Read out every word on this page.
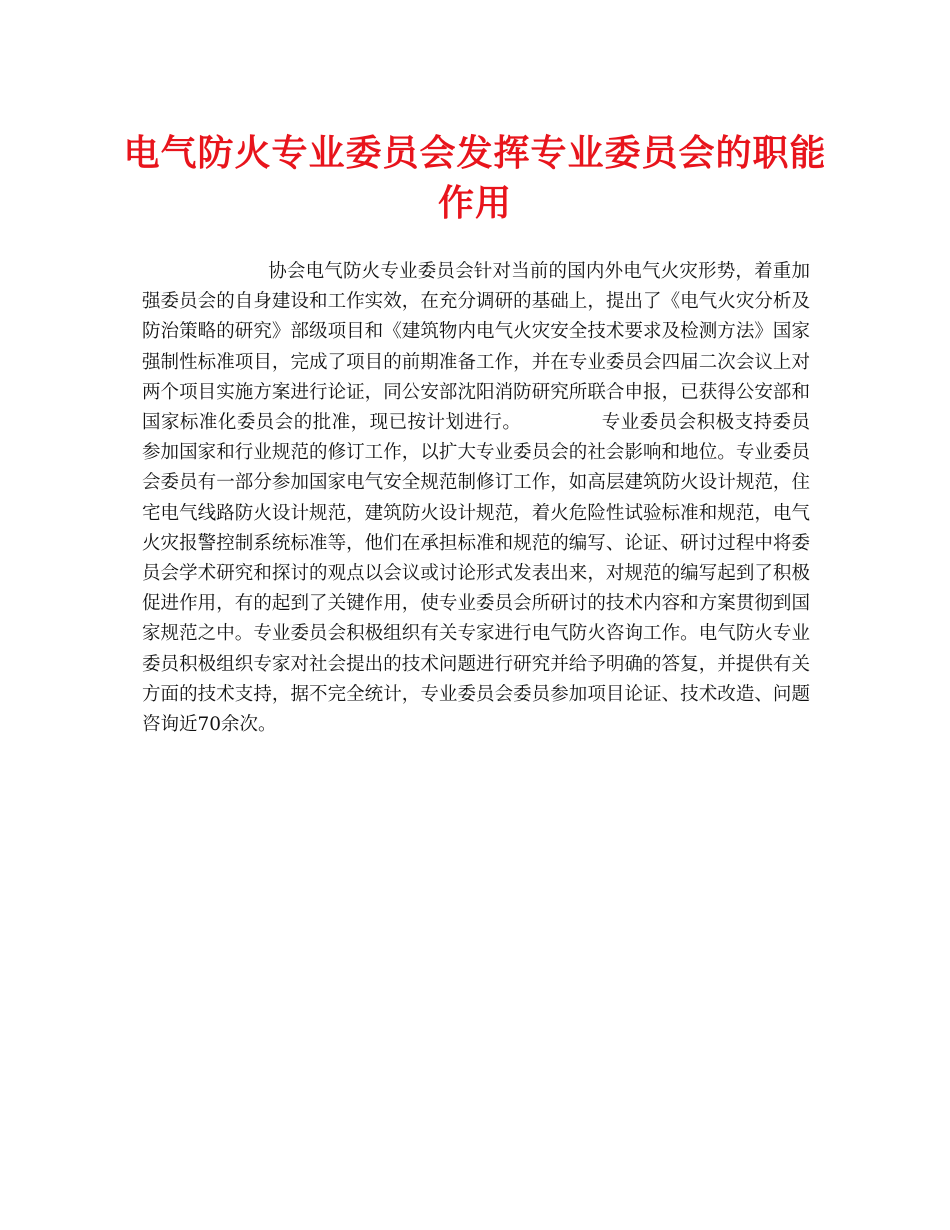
电气防火专业委员会发挥专业委员会的职能
作用
协会电气防火专业委员会针对当前的国内外电气火灾形势，着重加强委员会的自身建设和工作实效，在充分调研的基础上，提出了《电气火灾分析及防治策略的研究》部级项目和《建筑物内电气火灾安全技术要求及检测方法》国家强制性标准项目，完成了项目的前期准备工作，并在专业委员会四届二次会议上对两个项目实施方案进行论证，同公安部沈阳消防研究所联合申报，已获得公安部和国家标准化委员会的批准，现已按计划进行。	专业委员会积极支持委员参加国家和行业规范的修订工作，以扩大专业委员会的社会影响和地位。专业委员会委员有一部分参加国家电气安全规范制修订工作，如高层建筑防火设计规范，住宅电气线路防火设计规范，建筑防火设计规范，着火危险性试验标准和规范，电气火灾报警控制系统标准等，他们在承担标准和规范的编写、论证、研讨过程中将委员会学术研究和探讨的观点以会议或讨论形式发表出来，对规范的编写起到了积极促进作用，有的起到了关键作用，使专业委员会所研讨的技术内容和方案贯彻到国家规范之中。专业委员会积极组织有关专家进行电气防火咨询工作。电气防火专业委员积极组织专家对社会提出的技术问题进行研究并给予明确的答复，并提供有关方面的技术支持，据不完全统计，专业委员会委员参加项目论证、技术改造、问题咨询近70余次。
